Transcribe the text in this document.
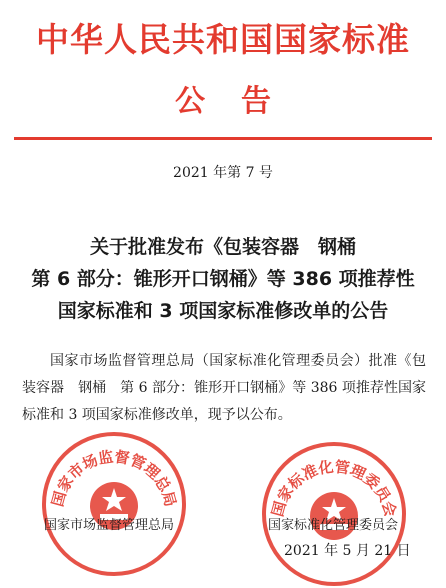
中华人民共和国国家标准
公告
2021 年第 7 号
关于批准发布《包装容器　钢桶
第 6 部分：锥形开口钢桶》等 386 项推荐性
国家标准和 3 项国家标准修改单的公告
国家市场监督管理总局（国家标准化管理委员会）批准《包装容器　钢桶　第 6 部分：锥形开口钢桶》等 386 项推荐性国家标准和 3 项国家标准修改单，现予以公布。
国家市场监督管理总局
国家标准化管理委员会
国家市场监督管理总局	国家标准化管理委员会
2021 年 5 月 21 日
